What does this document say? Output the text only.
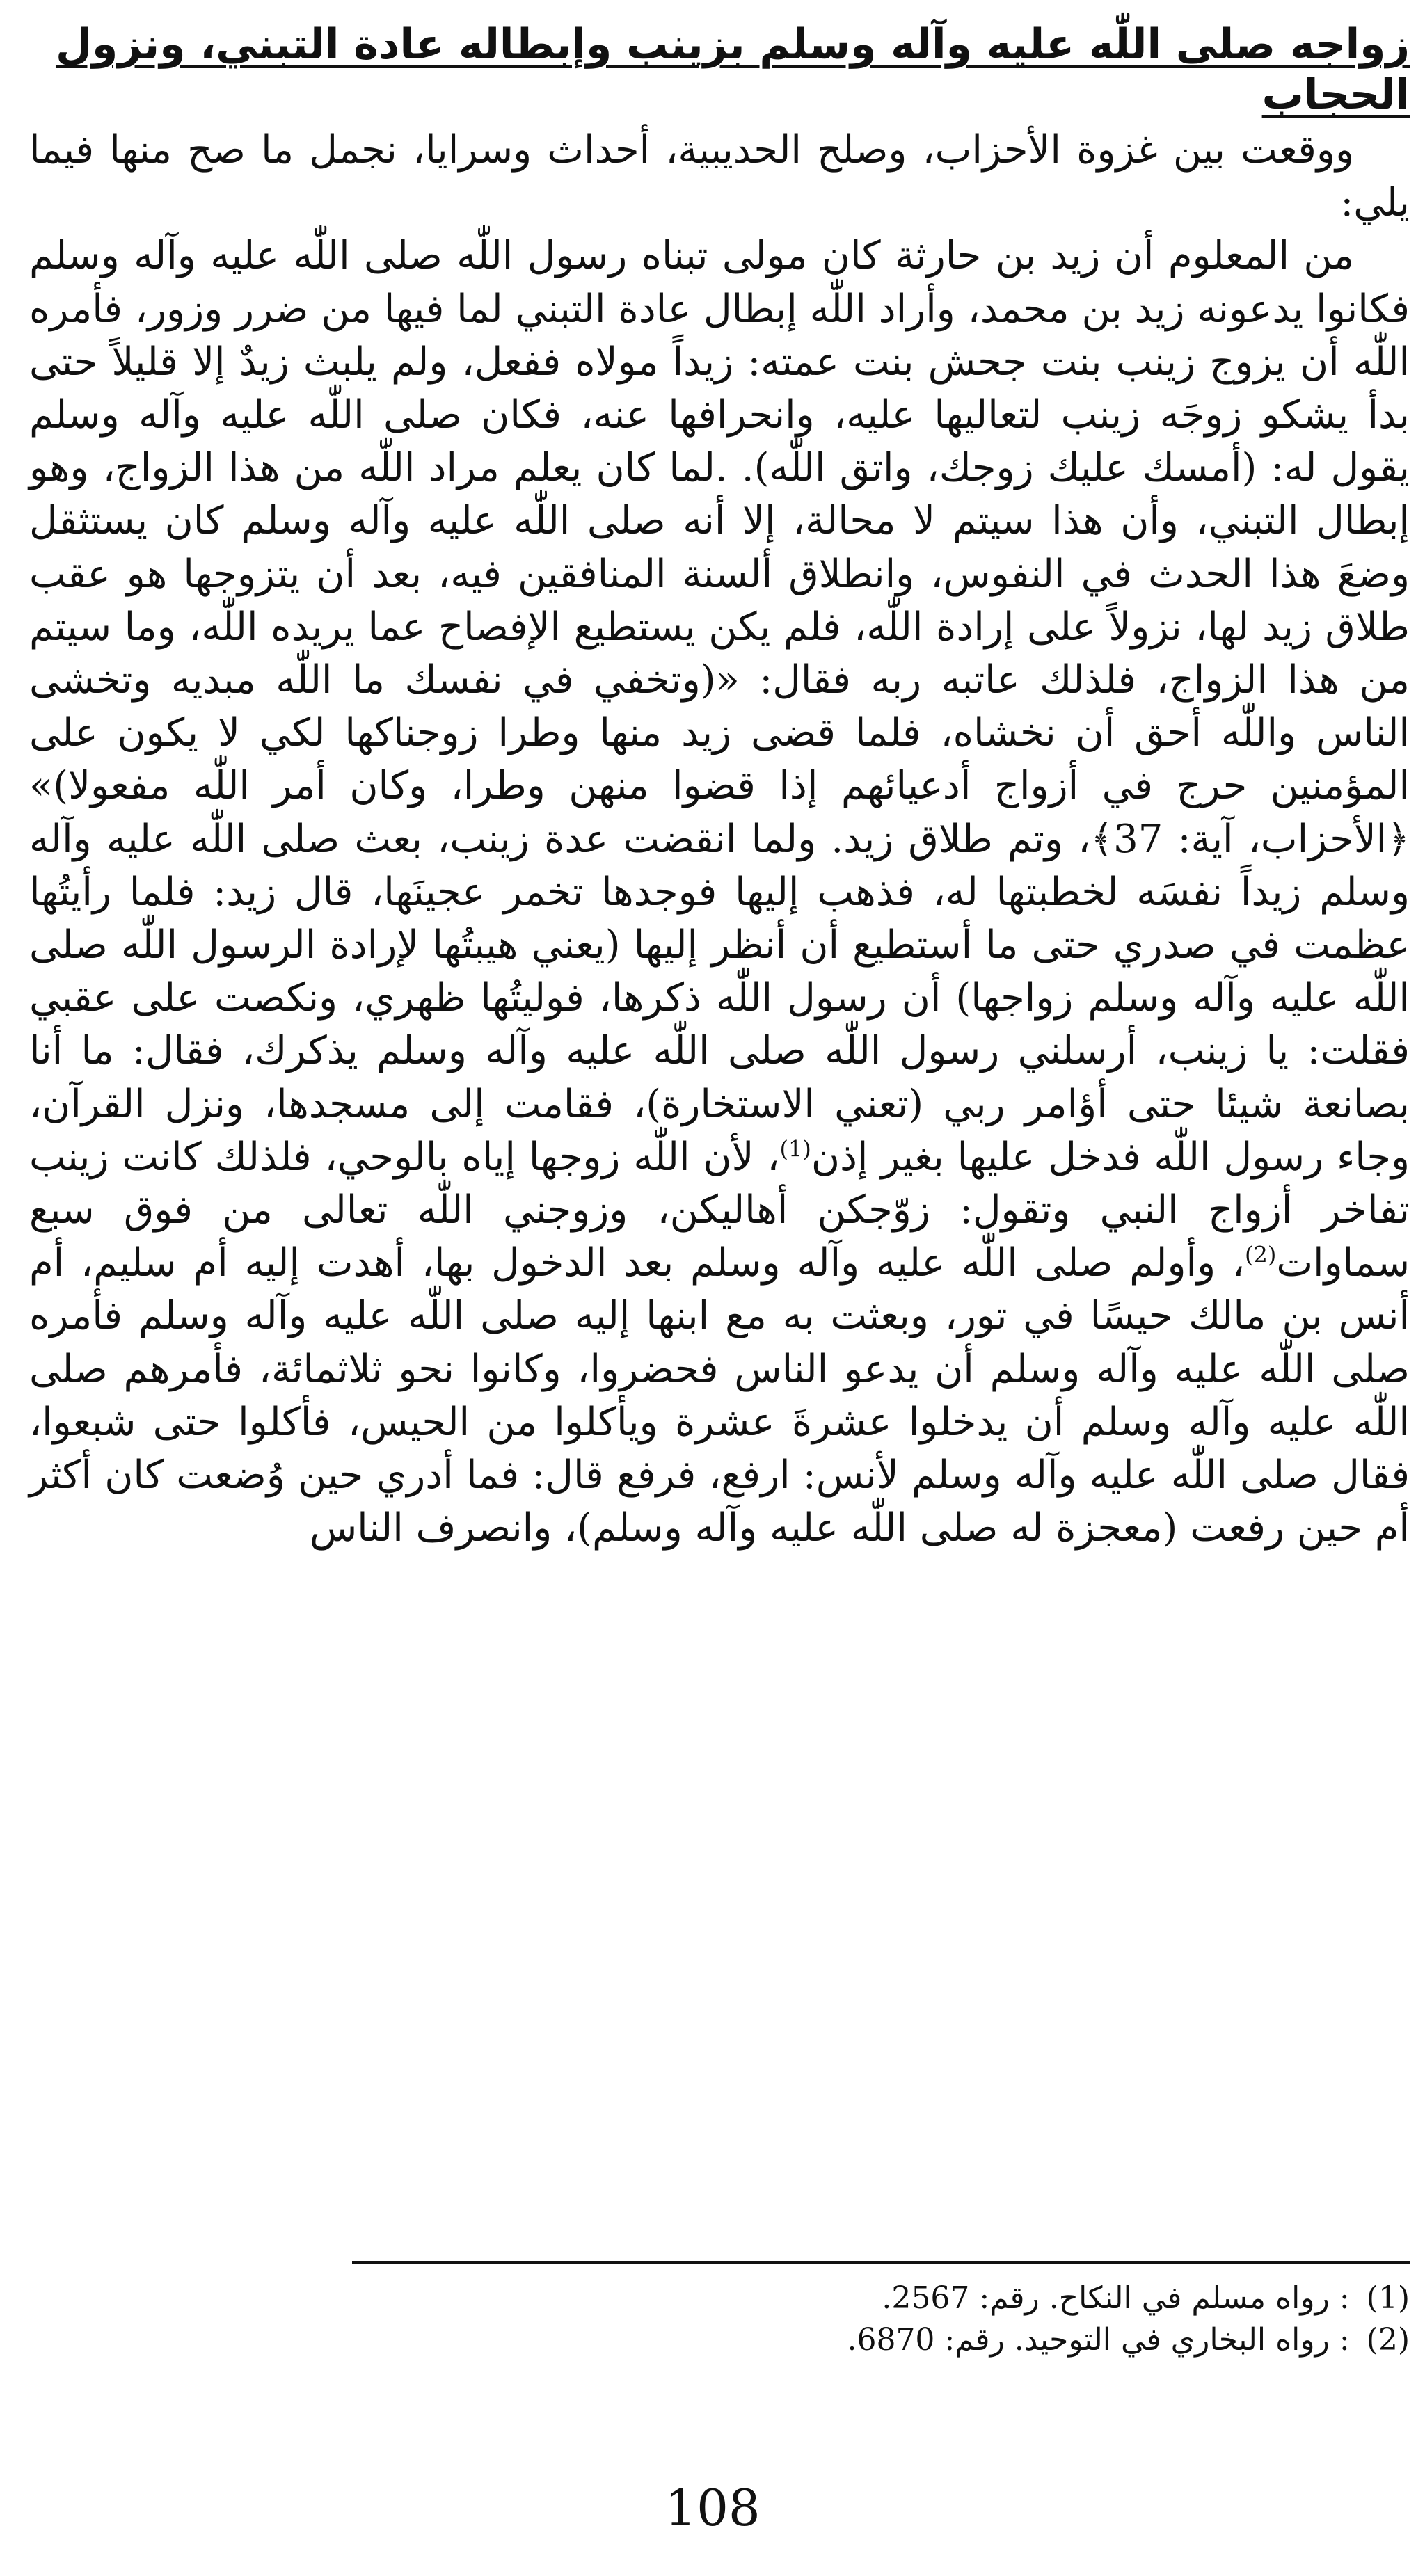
زواجه صلى اللّٰه عليه وآله وسلم بزينب وإبطاله عادة التبني، ونزول الحجاب

ووقعت بين غزوة الأحزاب، وصلح الحديبية، أحداث وسرايا، نجمل ما صح منها فيما يلي:

من المعلوم أن زيد بن حارثة كان مولى تبناه رسول اللّٰه صلى اللّٰه عليه وآله وسلم فكانوا يدعونه زيد بن محمد، وأراد اللّٰه إبطال عادة التبني لما فيها من ضرر وزور، فأمره اللّٰه أن يزوج زينب بنت جحش بنت عمته: زيداً مولاه ففعل، ولم يلبث زيدٌ إلا قليلاً حتى بدأ يشكو زوجَه زينب لتعاليها عليه، وانحرافها عنه، فكان صلى اللّٰه عليه وآله وسلم يقول له: (أمسك عليك زوجك، واتق اللّٰه). .لما كان يعلم مراد اللّٰه من هذا الزواج، وهو إبطال التبني، وأن هذا سيتم لا محالة، إلا أنه صلى اللّٰه عليه وآله وسلم كان يستثقل وضعَ هذا الحدث في النفوس، وانطلاق ألسنة المنافقين فيه، بعد أن يتزوجها هو عقب طلاق زيد لها، نزولاً على إرادة اللّٰه، فلم يكن يستطيع الإفصاح عما يريده اللّٰه، وما سيتم من هذا الزواج، فلذلك عاتبه ربه فقال: «(وتخفي في نفسك ما اللّٰه مبديه وتخشى الناس واللّٰه أحق أن نخشاه، فلما قضى زيد منها وطرا زوجناكها لكي لا يكون على المؤمنين حرج في أزواج أدعيائهم إذا قضوا منهن وطرا، وكان أمر اللّٰه مفعولا)» ﴿الأحزاب، آية: 37﴾، وتم طلاق زيد. ولما انقضت عدة زينب، بعث صلى اللّٰه عليه وآله وسلم زيداً نفسَه لخطبتها له، فذهب إليها فوجدها تخمر عجينَها، قال زيد: فلما رأيتُها عظمت في صدري حتى ما أستطيع أن أنظر إليها (يعني هيبتُها لإرادة الرسول اللّٰه صلى اللّٰه عليه وآله وسلم زواجها) أن رسول اللّٰه ذكرها، فوليتُها ظهري، ونكصت على عقبي فقلت: يا زينب، أرسلني رسول اللّٰه صلى اللّٰه عليه وآله وسلم يذكرك، فقال: ما أنا بصانعة شيئا حتى أؤامر ربي (تعني الاستخارة)، فقامت إلى مسجدها، ونزل القرآن، وجاء رسول اللّٰه فدخل عليها بغير إذن$^{(1)}$، لأن اللّٰه زوجها إياه بالوحي، فلذلك كانت زينب تفاخر أزواج النبي وتقول: زوّجكن أهاليكن، وزوجني اللّٰه تعالى من فوق سبع سماوات$^{(2)}$، وأولم صلى اللّٰه عليه وآله وسلم بعد الدخول بها، أهدت إليه أم سليم، أم أنس بن مالك حيسًا في تور، وبعثت به مع ابنها إليه صلى اللّٰه عليه وآله وسلم فأمره صلى اللّٰه عليه وآله وسلم أن يدعو الناس فحضروا، وكانوا نحو ثلاثمائة، فأمرهم صلى اللّٰه عليه وآله وسلم أن يدخلوا عشرةَ عشرة ويأكلوا من الحيس، فأكلوا حتى شبعوا، فقال صلى اللّٰه عليه وآله وسلم لأنس: ارفع، فرفع قال: فما أدري حين وُضعت كان أكثر أم حين رفعت (معجزة له صلى اللّٰه عليه وآله وسلم)، وانصرف الناس

(1): رواه مسلم في النكاح. رقم: 2567.

(2): رواه البخاري في التوحيد. رقم: 6870.

108
